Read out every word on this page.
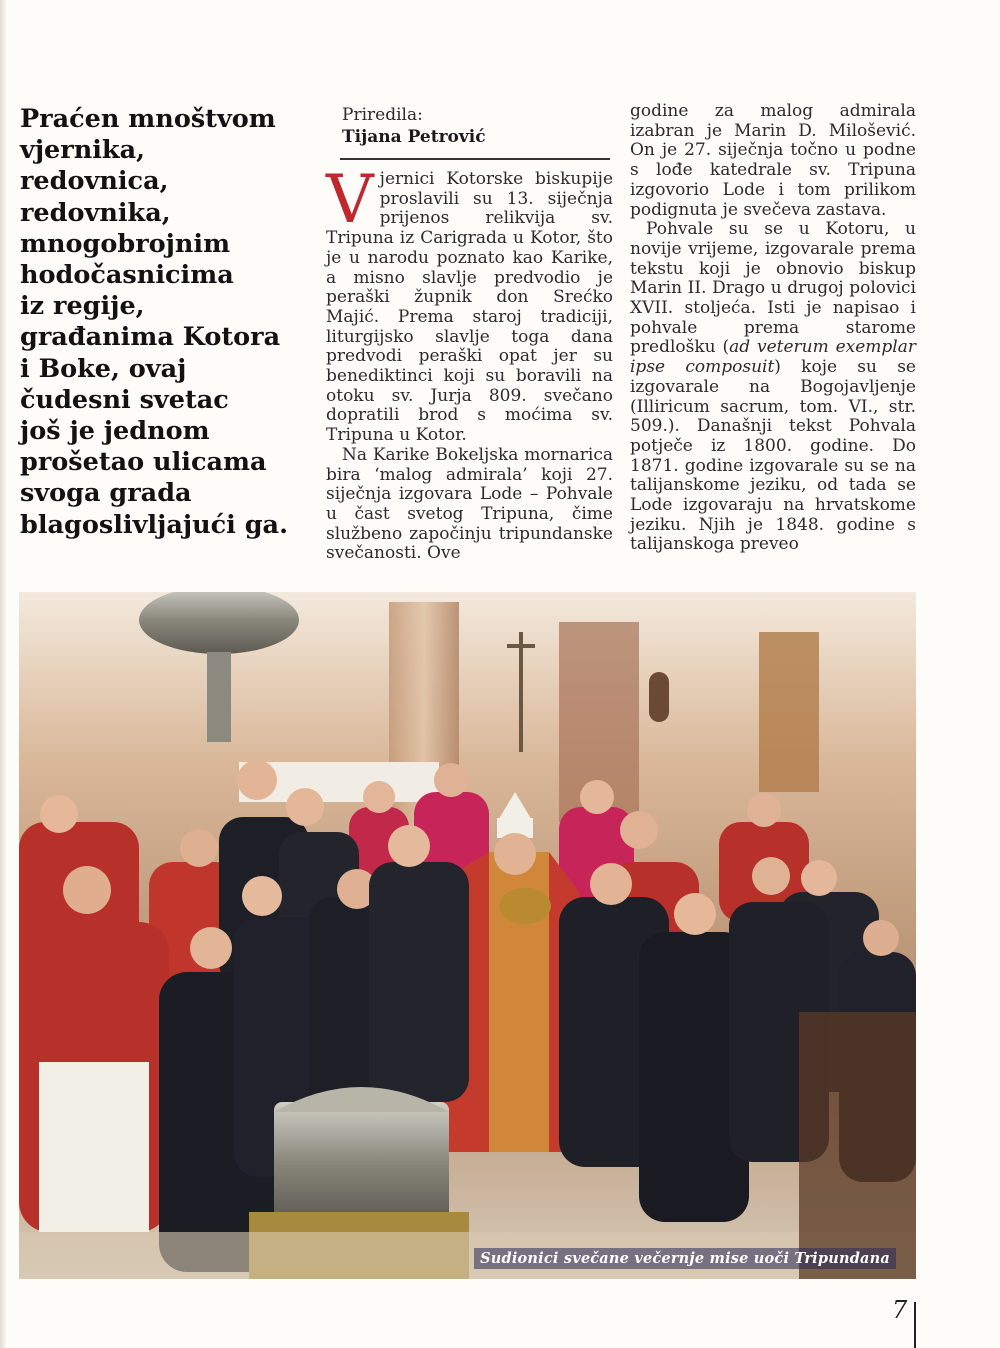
Praćen mnoštvom
vjernika,
redovnica,
redovnika,
mnogobrojnim
hodočasnicima
iz regije,
građanima Kotora
i Boke, ovaj
čudesni svetac
još je jednom
prošetao ulicama
svoga grada
blagoslivljajući ga.

Priredila:
Tijana Petrović

Vjernici Kotorske biskupije proslavili su 13. siječnja prijenos relikvija sv. Tripuna iz Carigrada u Kotor, što je u narodu poznato kao Karike, a misno slavlje predvodio je peraški župnik don Srećko Majić. Prema staroj tradiciji, liturgijsko slavlje toga dana predvodi peraški opat jer su benediktinci koji su boravili na otoku sv. Jurja 809. svečano dopratili brod s moćima sv. Tripuna u Kotor.

Na Karike Bokeljska mornarica bira ‘malog admirala’ koji 27. siječnja izgovara Lode – Pohvale u čast svetog Tripuna, čime službeno započinju tripundanske svečanosti. Ove

godine za malog admirala izabran je Marin D. Milošević. On je 27. siječnja točno u podne s lođe katedrale sv. Tripuna izgovorio Lode i tom prilikom podignuta je svečeva zastava.

Pohvale su se u Kotoru, u novije vrijeme, izgovarale prema tekstu koji je obnovio biskup Marin II. Drago u drugoj polovici XVII. stoljeća. Isti je napisao i pohvale prema starome predlošku (ad veterum exemplar ipse composuit) koje su se izgovarale na Bogojavljenje (Illiricum sacrum, tom. VI., str. 509.). Današnji tekst Pohvala potječe iz 1800. godine. Do 1871. godine izgovarale su se na talijanskome jeziku, od tada se Lode izgovaraju na hrvatskome jeziku. Njih je 1848. godine s talijanskoga preveo

Sudionici svečane večernje mise uoči Tripundana
7
